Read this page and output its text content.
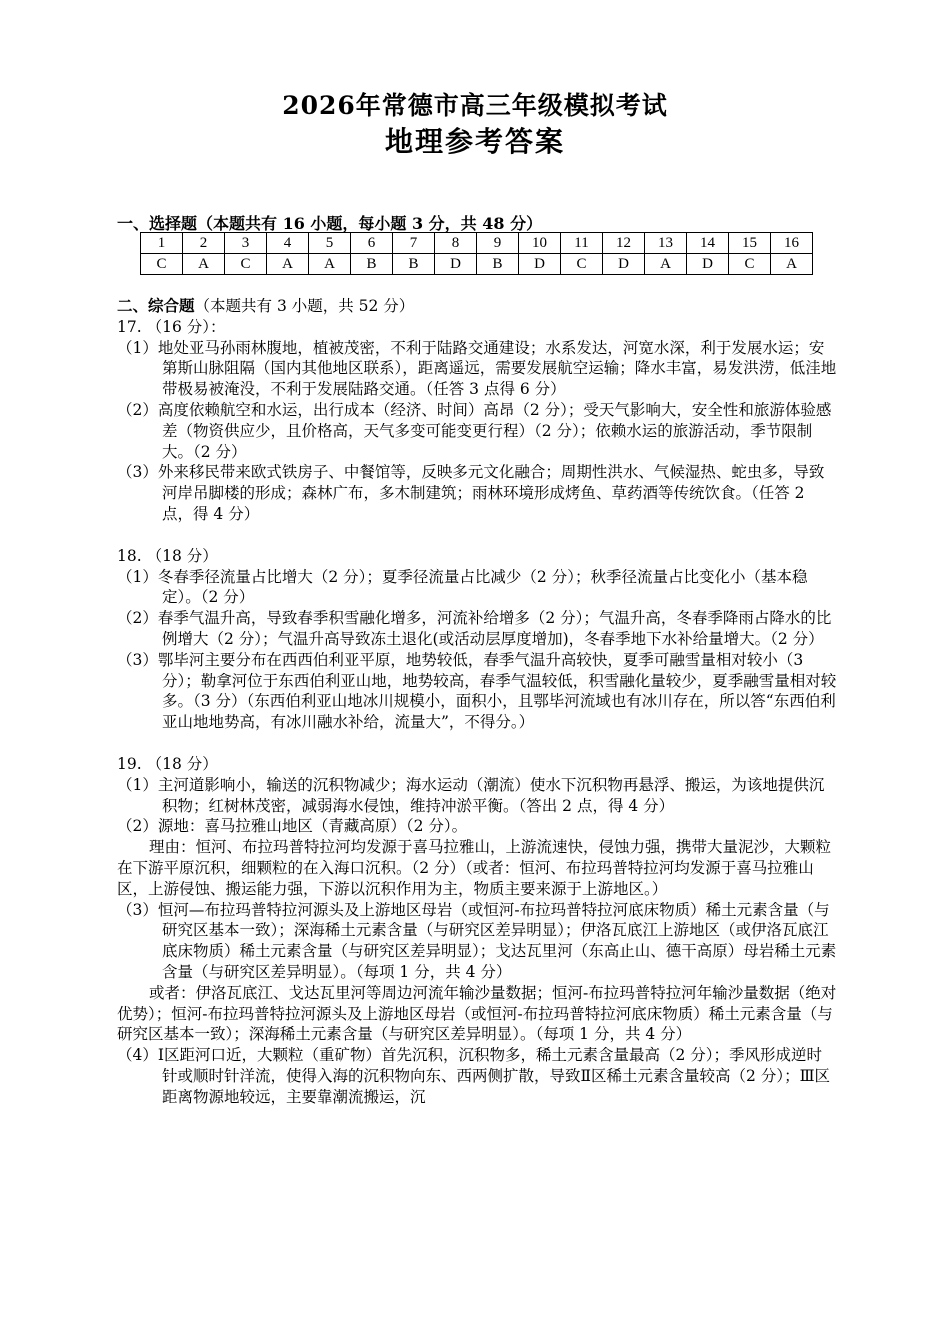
2026年常德市高三年级模拟考试
地理参考答案
一、选择题（本题共有 16 小题，每小题 3 分，共 48 分）
1	2	3	4	5	6	7	8	9	10	11	12	13	14	15	16
C	A	C	A	A	B	B	D	B	D	C	D	A	D	C	A

二、综合题（本题共有 3 小题，共 52 分）

17. （16 分）：

（1）地处亚马孙雨林腹地，植被茂密，不利于陆路交通建设；水系发达，河宽水深，利于发展水运；安第斯山脉阻隔（国内其他地区联系），距离遥远，需要发展航空运输；降水丰富，易发洪涝，低洼地带极易被淹没，不利于发展陆路交通。（任答 3 点得 6 分）

（2）高度依赖航空和水运，出行成本（经济、时间）高昂（2 分）；受天气影响大，安全性和旅游体验感差（物资供应少，且价格高，天气多变可能变更行程）（2 分）；依赖水运的旅游活动，季节限制大。（2 分）

（3）外来移民带来欧式铁房子、中餐馆等，反映多元文化融合；周期性洪水、气候湿热、蛇虫多，导致河岸吊脚楼的形成；森林广布，多木制建筑；雨林环境形成烤鱼、草药酒等传统饮食。（任答 2 点，得 4 分）

18. （18 分）

（1）冬春季径流量占比增大（2 分）；夏季径流量占比减少（2 分）；秋季径流量占比变化小（基本稳定）。（2 分）

（2）春季气温升高，导致春季积雪融化增多，河流补给增多（2 分）；气温升高，冬春季降雨占降水的比例增大（2 分）；气温升高导致冻土退化(或活动层厚度增加)，冬春季地下水补给量增大。（2 分）

（3）鄂毕河主要分布在西西伯利亚平原，地势较低，春季气温升高较快，夏季可融雪量相对较小（3 分）；勒拿河位于东西伯利亚山地，地势较高，春季气温较低，积雪融化量较少，夏季融雪量相对较多。（3 分）（东西伯利亚山地冰川规模小，面积小，且鄂毕河流域也有冰川存在，所以答“东西伯利亚山地地势高，有冰川融水补给，流量大”，不得分。）

19. （18 分）

（1）主河道影响小，输送的沉积物减少；海水运动（潮流）使水下沉积物再悬浮、搬运，为该地提供沉积物；红树林茂密，减弱海水侵蚀，维持冲淤平衡。（答出 2 点，得 4 分）

（2）源地：喜马拉雅山地区（青藏高原）（2 分）。

理由：恒河、布拉玛普特拉河均发源于喜马拉雅山，上游流速快，侵蚀力强，携带大量泥沙，大颗粒在下游平原沉积，细颗粒的在入海口沉积。（2 分）（或者：恒河、布拉玛普特拉河均发源于喜马拉雅山区，上游侵蚀、搬运能力强，下游以沉积作用为主，物质主要来源于上游地区。）

（3）恒河—布拉玛普特拉河源头及上游地区母岩（或恒河-布拉玛普特拉河底床物质）稀土元素含量（与研究区基本一致）；深海稀土元素含量（与研究区差异明显）；伊洛瓦底江上游地区（或伊洛瓦底江底床物质）稀土元素含量（与研究区差异明显）；戈达瓦里河（东高止山、德干高原）母岩稀土元素含量（与研究区差异明显）。（每项 1 分，共 4 分）

或者：伊洛瓦底江、戈达瓦里河等周边河流年输沙量数据；恒河-布拉玛普特拉河年输沙量数据（绝对优势）；恒河-布拉玛普特拉河源头及上游地区母岩（或恒河-布拉玛普特拉河底床物质）稀土元素含量（与研究区基本一致）；深海稀土元素含量（与研究区差异明显）。（每项 1 分，共 4 分）

（4）Ⅰ区距河口近，大颗粒（重矿物）首先沉积，沉积物多，稀土元素含量最高（2 分）；季风形成逆时针或顺时针洋流，使得入海的沉积物向东、西两侧扩散，导致Ⅱ区稀土元素含量较高（2 分）；Ⅲ区距离物源地较远，主要靠潮流搬运，沉
